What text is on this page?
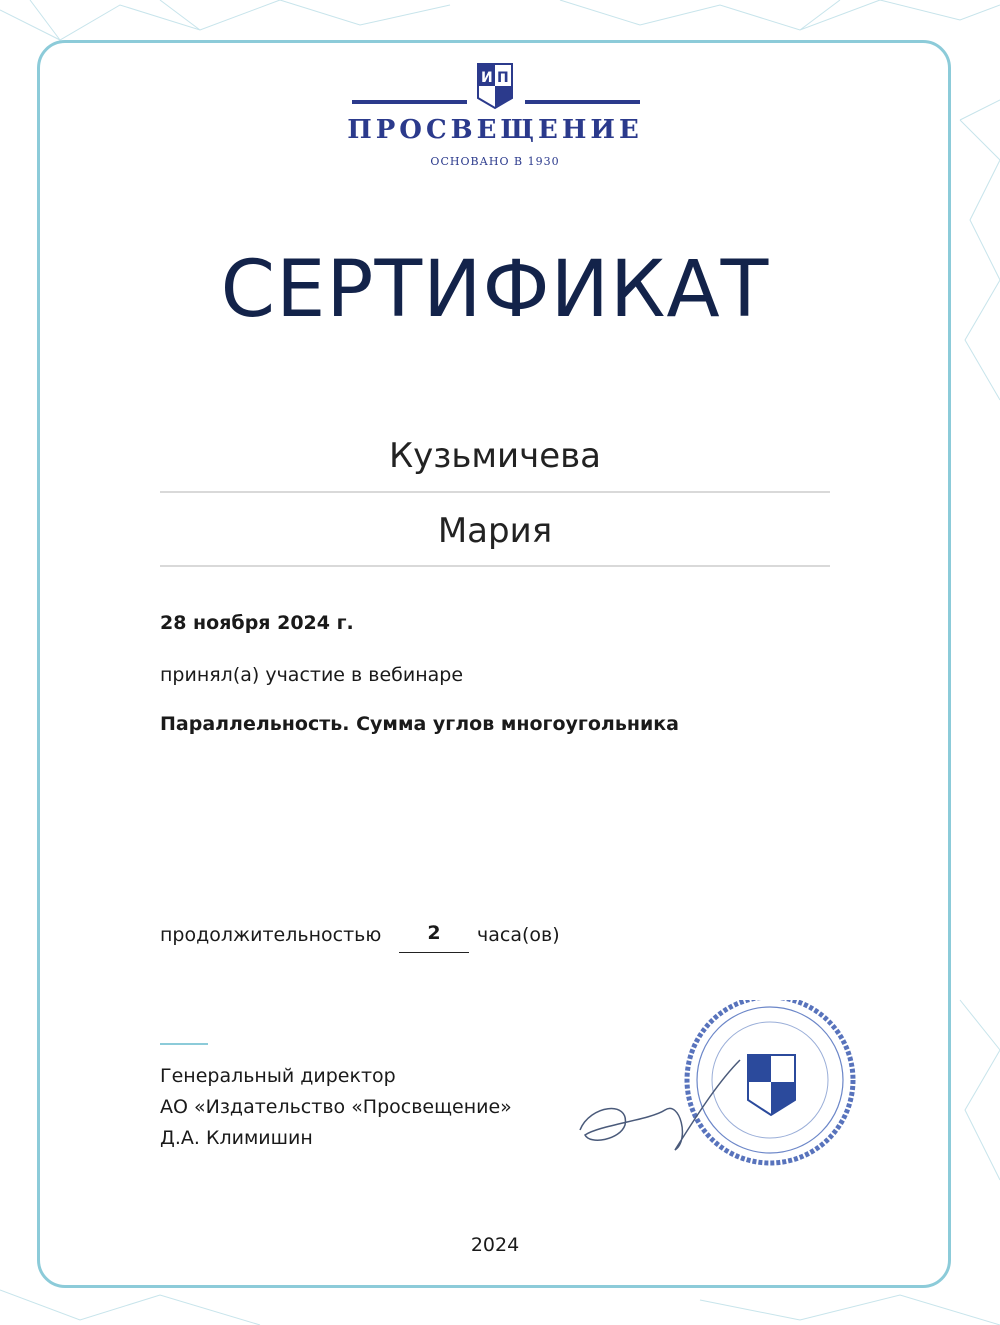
И П
ПРОСВЕЩЕНИЕ
ОСНОВАНО В 1930
СЕРТИФИКАТ
Кузьмичева
Мария
28 ноября 2024 г.
принял(а) участие в вебинаре
Параллельность. Сумма углов многоугольника
продолжительностью	2	часа(ов)
Генеральный директор
АО «Издательство «Просвещение»
Д.А. Климишин
2024
